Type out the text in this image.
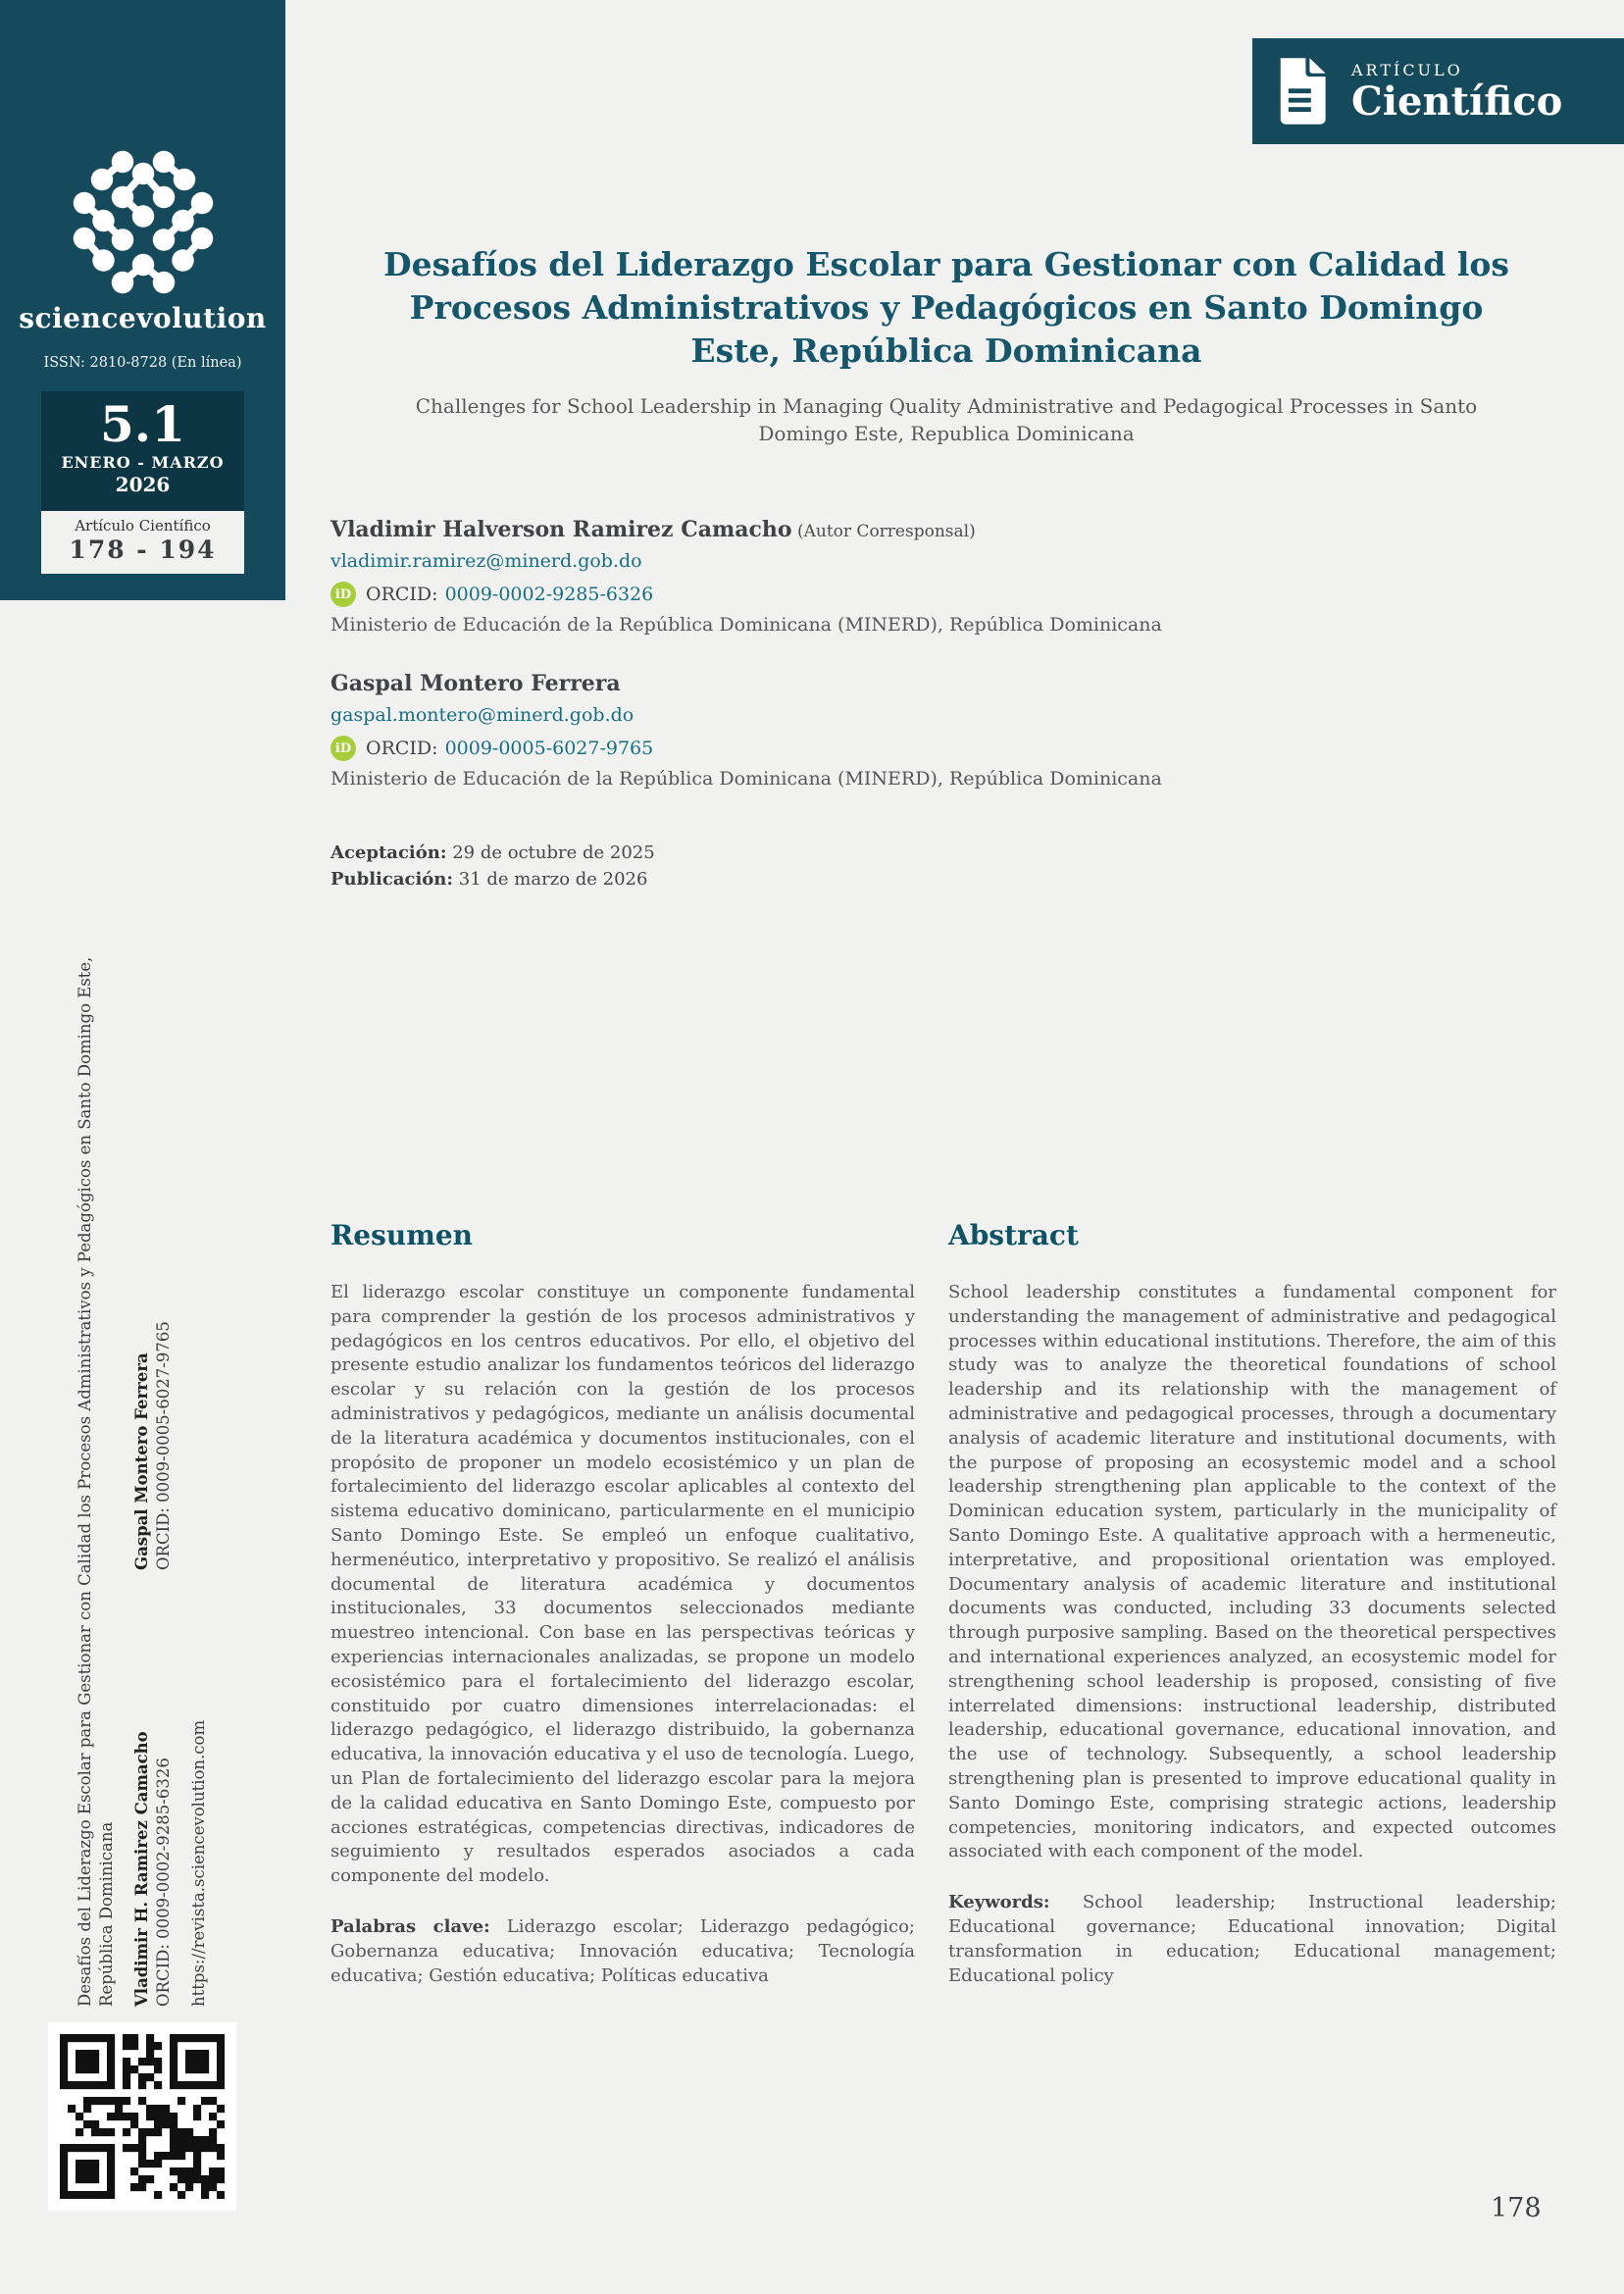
sciencevolution
ISSN: 2810-8728 (En línea)
5.1
ENERO - MARZO
2026
Artículo Científico
178 - 194
ARTÍCULO
Científico
Desafíos del Liderazgo Escolar para Gestionar con Calidad los Procesos Administrativos y Pedagógicos en Santo Domingo Este, República Dominicana
Challenges for School Leadership in Managing Quality Administrative and Pedagogical Processes in Santo Domingo Este, Republica Dominicana
Vladimir Halverson Ramirez Camacho (Autor Corresponsal)
vladimir.ramirez@minerd.gob.do
iD ORCID: 0009-0002-9285-6326
Ministerio de Educación de la República Dominicana (MINERD), República Dominicana
Gaspal Montero Ferrera
gaspal.montero@minerd.gob.do
iD ORCID: 0009-0005-6027-9765
Ministerio de Educación de la República Dominicana (MINERD), República Dominicana
Aceptación: 29 de octubre de 2025
Publicación: 31 de marzo de 2026
Resumen

El liderazgo escolar constituye un componente fundamental para comprender la gestión de los procesos administrativos y pedagógicos en los centros educativos. Por ello, el objetivo del presente estudio analizar los fundamentos teóricos del liderazgo escolar y su relación con la gestión de los procesos administrativos y pedagógicos, mediante un análisis documental de la literatura académica y documentos institucionales, con el propósito de proponer un modelo ecosistémico y un plan de fortalecimiento del liderazgo escolar aplicables al contexto del sistema educativo dominicano, particularmente en el municipio Santo Domingo Este. Se empleó un enfoque cualitativo, hermenéutico, interpretativo y propositivo. Se realizó el análisis documental de literatura académica y documentos institucionales, 33 documentos seleccionados mediante muestreo intencional. Con base en las perspectivas teóricas y experiencias internacionales analizadas, se propone un modelo ecosistémico para el fortalecimiento del liderazgo escolar, constituido por cuatro dimensiones interrelacionadas: el liderazgo pedagógico, el liderazgo distribuido, la gobernanza educativa, la innovación educativa y el uso de tecnología. Luego, un Plan de fortalecimiento del liderazgo escolar para la mejora de la calidad educativa en Santo Domingo Este, compuesto por acciones estratégicas, competencias directivas, indicadores de seguimiento y resultados esperados asociados a cada componente del modelo.

Palabras clave: Liderazgo escolar; Liderazgo pedagógico; Gobernanza educativa; Innovación educativa; Tecnología educativa; Gestión educativa; Políticas educativa

Abstract

School leadership constitutes a fundamental component for understanding the management of administrative and pedagogical processes within educational institutions. Therefore, the aim of this study was to analyze the theoretical foundations of school leadership and its relationship with the management of administrative and pedagogical processes, through a documentary analysis of academic literature and institutional documents, with the purpose of proposing an ecosystemic model and a school leadership strengthening plan applicable to the context of the Dominican education system, particularly in the municipality of Santo Domingo Este. A qualitative approach with a hermeneutic, interpretative, and propositional orientation was employed. Documentary analysis of academic literature and institutional documents was conducted, including 33 documents selected through purposive sampling. Based on the theoretical perspectives and international experiences analyzed, an ecosystemic model for strengthening school leadership is proposed, consisting of five interrelated dimensions: instructional leadership, distributed leadership, educational governance, educational innovation, and the use of technology. Subsequently, a school leadership strengthening plan is presented to improve educational quality in Santo Domingo Este, comprising strategic actions, leadership competencies, monitoring indicators, and expected outcomes associated with each component of the model.

Keywords: School leadership; Instructional leadership; Educational governance; Educational innovation; Digital transformation in education; Educational management; Educational policy

Desafíos del Liderazgo Escolar para Gestionar con Calidad los Procesos Administrativos y Pedagógicos en Santo Domingo Este, República Dominicana Vladimir H. Ramirez Camacho ORCID: 0009-0002-9285-6326
Gaspal Montero Ferrera ORCID: 0009-0005-6027-9765
https://revista.sciencevolution.com
178
